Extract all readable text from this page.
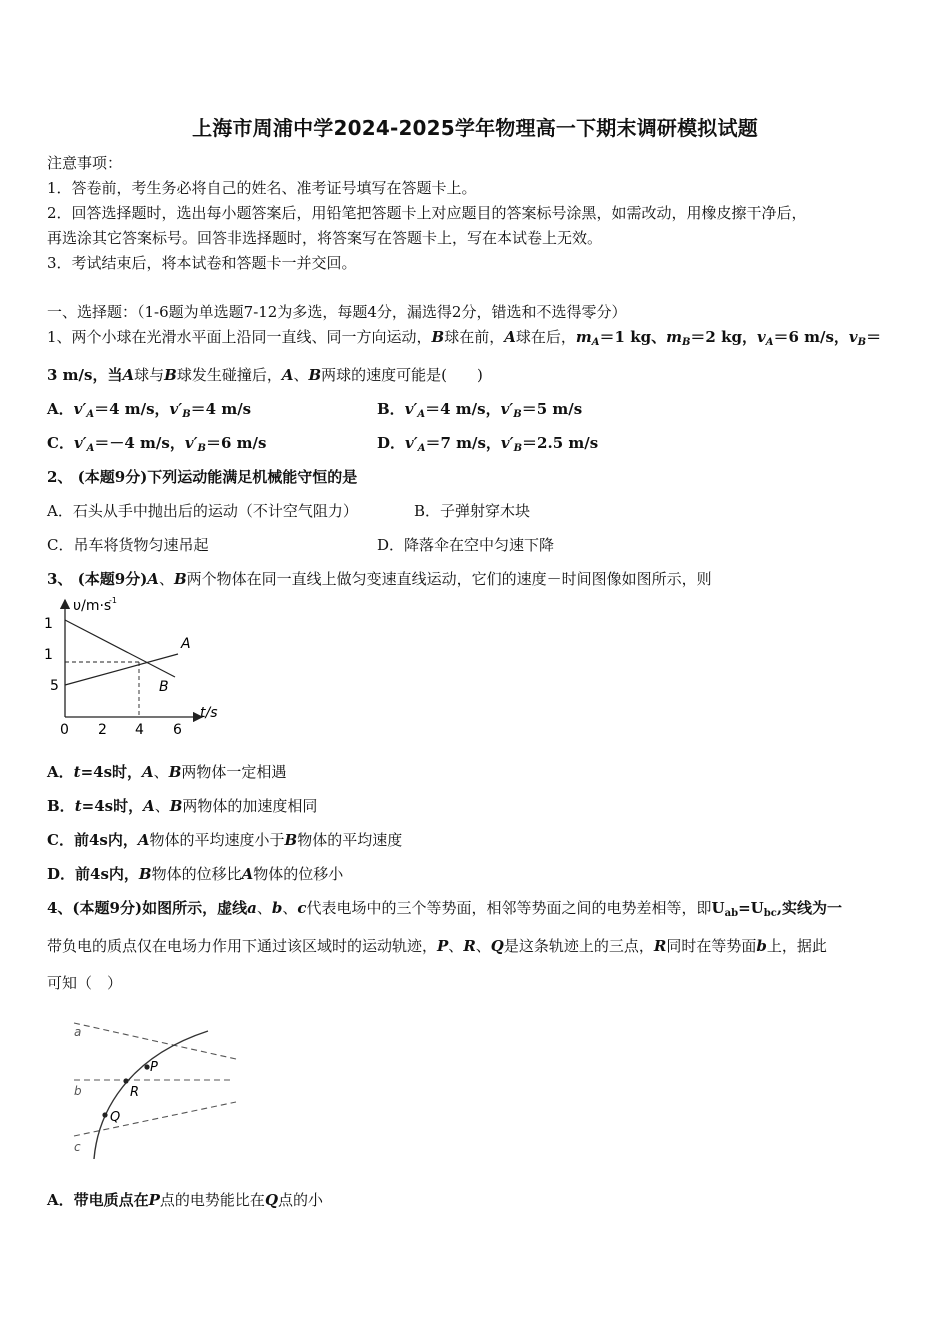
上海市周浦中学2024-2025学年物理高一下期末调研模拟试题
注意事项：
1．答卷前，考生务必将自己的姓名、准考证号填写在答题卡上。
2．回答选择题时，选出每小题答案后，用铅笔把答题卡上对应题目的答案标号涂黑，如需改动，用橡皮擦干净后，
再选涂其它答案标号。回答非选择题时，将答案写在答题卡上，写在本试卷上无效。
3．考试结束后，将本试卷和答题卡一并交回。
一、选择题：（1-6题为单选题7-12为多选，每题4分，漏选得2分，错选和不选得零分）
1、两个小球在光滑水平面上沿同一直线、同一方向运动，B球在前，A球在后，$m_A=1$ kg、$m_B=2$ kg，$v_A=6$ m/s，$v_B=$
3 m/s，当A球与B球发生碰撞后，A、B两球的速度可能是(　　)
A．$v'_A=4$ m/s，$v'_B=4$ m/s	B．$v'_A=4$ m/s，$v'_B=5$ m/s
C．$v'_A=-4$ m/s，$v'_B=6$ m/s	D．$v'_A=7$ m/s，$v'_B=2.5$ m/s
2、 (本题9分)下列运动能满足机械能守恒的是
A．石头从手中抛出后的运动（不计空气阻力）	B．子弹射穿木块
C．吊车将货物匀速吊起	D．降落伞在空中匀速下降
3、 (本题9分)A、B两个物体在同一直线上做匀变速直线运动，它们的速度－时间图像如图所示，则
υ/m·s
-1
t/s
1
1
5
0 2 4 6
A
B
A．t=4s时，A、B两物体一定相遇
B．t=4s时，A、B两物体的加速度相同
C．前4s内，A物体的平均速度小于B物体的平均速度
D．前4s内，B物体的位移比A物体的位移小
4、(本题9分)如图所示，虚线a、b、c代表电场中的三个等势面，相邻等势面之间的电势差相等，即$U_{ab}=U_{bc}$,实线为一
带负电的质点仅在电场力作用下通过该区域时的运动轨迹，P、R、Q是这条轨迹上的三点，R同时在等势面b上，据此
可知（　）
P
R
Q
a
b
c
A．带电质点在P点的电势能比在Q点的小
